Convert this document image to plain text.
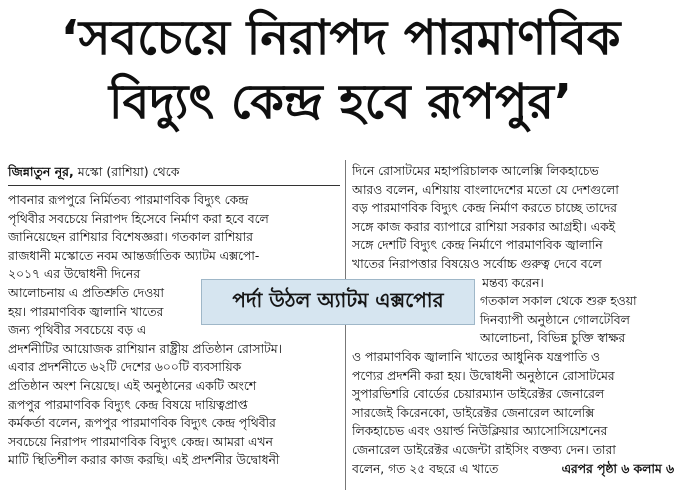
‘সবচেয়ে নিরাপদ পারমাণবিক
বিদ্যুৎ কেন্দ্র হবে রূপপুর’
জিন্নাতুন নূর, মস্কো (রাশিয়া) থেকে
পাবনার রূপপুরে নির্মিতব্য পারমাণবিক বিদ্যুৎ কেন্দ্র
পৃথিবীর সবচেয়ে নিরাপদ হিসেবে নির্মাণ করা হবে বলে
জানিয়েছেন রাশিয়ার বিশেষজ্ঞরা। গতকাল রাশিয়ার
রাজধানী মস্কোতে নবম আন্তর্জাতিক অ্যাটম এক্সপো-
২০১৭ এর উদ্বোধনী দিনের
আলোচনায় এ প্রতিশ্রুতি দেওয়া
হয়। পারমাণবিক জ্বালানি খাতের
জন্য পৃথিবীর সবচেয়ে বড় এ
প্রদর্শনীটির আয়োজক রাশিয়ান রাষ্ট্রীয় প্রতিষ্ঠান রোসাটম।
এবার প্রদর্শনীতে ৬২টি দেশের ৬০০টি ব্যবসায়িক
প্রতিষ্ঠান অংশ নিয়েছে। এই অনুষ্ঠানের একটি অংশে
রূপপুর পারমাণবিক বিদ্যুৎ কেন্দ্র বিষয়ে দায়িত্বপ্রাপ্ত
কর্মকর্তা বলেন, রূপপুর পারমাণবিক বিদ্যুৎ কেন্দ্র পৃথিবীর
সবচেয়ে নিরাপদ পারমাণবিক বিদ্যুৎ কেন্দ্র। আমরা এখন
মাটি স্থিতিশীল করার কাজ করছি। এই প্রদর্শনীর উদ্বোধনী
দিনে রোসাটমের মহাপরিচালক আলেক্সি লিকহাচেভ
আরও বলেন, এশিয়ায় বাংলাদেশের মতো যে দেশগুলো
বড় পারমাণবিক বিদ্যুৎ কেন্দ্র নির্মাণ করতে চাচ্ছে তাদের
সঙ্গে কাজ করার ব্যাপারে রাশিয়া সরকার আগ্রহী। একই
সঙ্গে দেশটি বিদ্যুৎ কেন্দ্র নির্মাণে পারমাণবিক জ্বালানি
খাতের নিরাপত্তার বিষয়েও সর্বোচ্চ গুরুত্ব দেবে বলে
মন্তব্য করেন।
গতকাল সকাল থেকে শুরু হওয়া
দিনব্যাপী অনুষ্ঠানে গোলটেবিল
আলোচনা, বিভিন্ন চুক্তি স্বাক্ষর
ও পারমাণবিক জ্বালানি খাতের আধুনিক যন্ত্রপাতি ও
পণ্যের প্রদর্শনী করা হয়। উদ্বোধনী অনুষ্ঠানে রোসাটমের
সুপারভিশরি বোর্ডের চেয়ারম্যান ডাইরেক্টর জেনারেল
সারজেই কিরেনকো, ডাইরেক্টর জেনারেল আলেক্সি
লিকহাচেভ এবং ওয়ার্ল্ড নিউক্লিয়ার অ্যাসোসিয়েশনের
জেনারেল ডাইরেক্টর এজেন্টা রাইসিং বক্তব্য দেন। তারা
বলেন, গত ২৫ বছরে এ খাতে	এরপর পৃষ্ঠা ৬ কলাম ৬
পর্দা উঠল অ্যাটম এক্সপোর
